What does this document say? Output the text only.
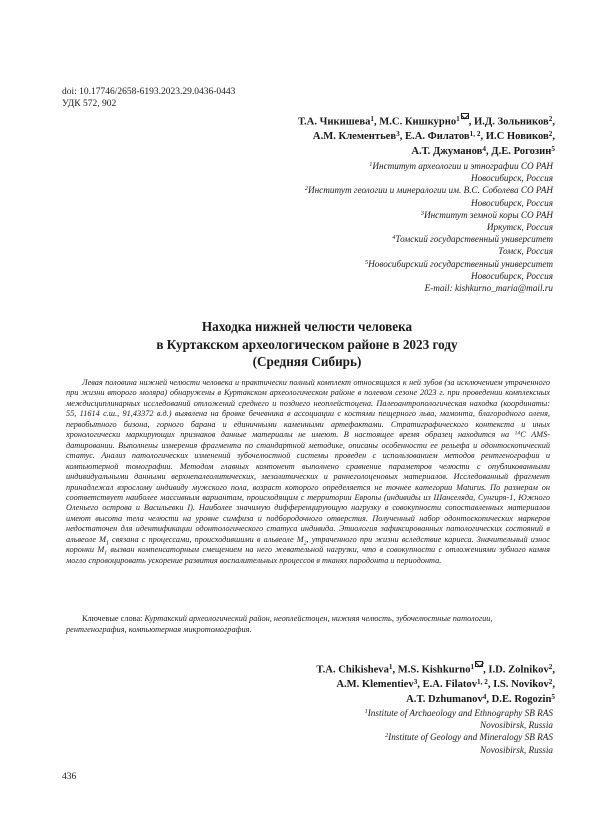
doi: 10.17746/2658-6193.2023.29.0436-0443
УДК 572, 902
Т.А. Чикишева$^1$, М.С. Кишкурно$^1$ , И.Д. Зольников$^2$,
А.М. Клементьев$^3$, Е.А. Филатов$^{1, 2}$, И.С Новиков$^2$,
А.Т. Джуманов$^4$, Д.Е. Рогозин$^5$
$^1$Институт археологии и этнографии СО РАН
Новосибирск, Россия
$^2$Институт геологии и минералогии им. В.С. Соболева СО РАН
Новосибирск, Россия
$^3$Институт земной коры СО РАН
Иркутск, Россия
$^4$Томский государственный университет
Томск, Россия
$^5$Новосибирский государственный университет
Новосибирск, Россия
E-mail: kishkurno_maria@mail.ru
Находка нижней челюсти человека
в Куртакском археологическом районе в 2023 году
(Средняя Сибирь)

Левая половина нижней челюсти человека и практически полный комплект относящихся к ней зубов (за исключением утраченного при жизни второго моляра) обнаружены в Куртакском археологическом районе в полевом сезоне 2023 г. при проведении комплексных междисциплинарных исследований отложений среднего и позднего неоплейстоцена. Палеоантропологическая находка (координаты: 55, 11614 с.ш., 91,43372 в.д.) выявлена на бровке бечевника в ассоциации с костями пещерного льва, мамонта, благородного оленя, первобытного бизона, горного барана и единичными каменными артефактами. Стратиграфического контекста и иных хронологически маркирующих признаков данные материалы не имеют. В настоящее время образец находится на $^{14}$С AMS-датировании. Выполнены измерения фрагмента по стандартной методике, описаны особенности ее рельефа и одонтоскопический статус. Анализ патологических изменений зубочелюстной системы проведен с использованием методов рентгенографии и компьютерной томографии. Методом главных компонент выполнено сравнение параметров челюсти с опубликованными индивидуальными данными верхнепалеолитических, мезолитических и раннеголоценовых материалов. Исследованный фрагмент принадлежал взрослому индивиду мужского пола, возраст которого определяется не точнее категории Maturus. По размерам он соответствует наиболее массивным вариантам, происходящим с территории Европы (индивиды из Шанселяда, Сунгиря-1, Южного Оленьего острова и Васильевки I). Наиболее значимую дифференцирующую нагрузку в совокупности сопоставленных материалов имеют высота тела челюсти на уровне симфиза и подбородочного отверстия. Полученный набор одонтоскопических маркеров недостаточен для идентификации одонтологического статуса индивида. Этиология зафиксированных патологических состояний в альвеоле $M_1$ связана с процессами, происходившими в альвеоле $M_2$, утраченного при жизни вследствие кариеса. Значительный износ коронки $M_1$ вызван компенсаторным смещением на него жевательной нагрузки, что в совокупности с отложениями зубного камня могло спровоцировать ускорение развития воспалительных процессов в тканях пародонта и периодонта.

Ключевые слова: Куртакский археологический район, неоплейстоцен, нижняя челюсть, зубочелюстные патологии, рентгенография, компьютерная микротомография.

T.A. Chikisheva$^1$, M.S. Kishkurno$^1$ , I.D. Zolnikov$^2$,
A.M. Klementiev$^3$, E.A. Filatov$^{1, 2}$, I.S. Novikov$^2$,
A.T. Dzhumanov$^4$, D.E. Rogozin$^5$
$^1$Institute of Archaeology and Ethnography SB RAS
Novosibirsk, Russia
$^2$Institute of Geology and Mineralogy SB RAS
Novosibirsk, Russia
436
